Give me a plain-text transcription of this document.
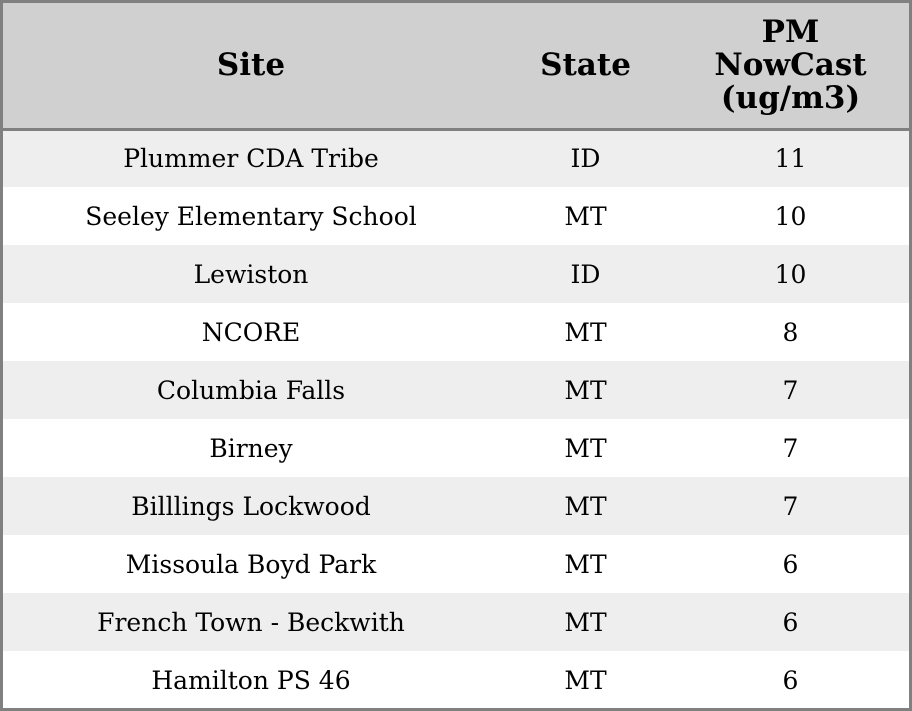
Site	State	PM
NowCast
(ug/m3)

Plummer CDA Tribe	ID	11
Seeley Elementary School	MT	10
Lewiston	ID	10
NCORE	MT	8
Columbia Falls	MT	7
Birney	MT	7
Billlings Lockwood	MT	7
Missoula Boyd Park	MT	6
French Town - Beckwith	MT	6
Hamilton PS 46	MT	6
